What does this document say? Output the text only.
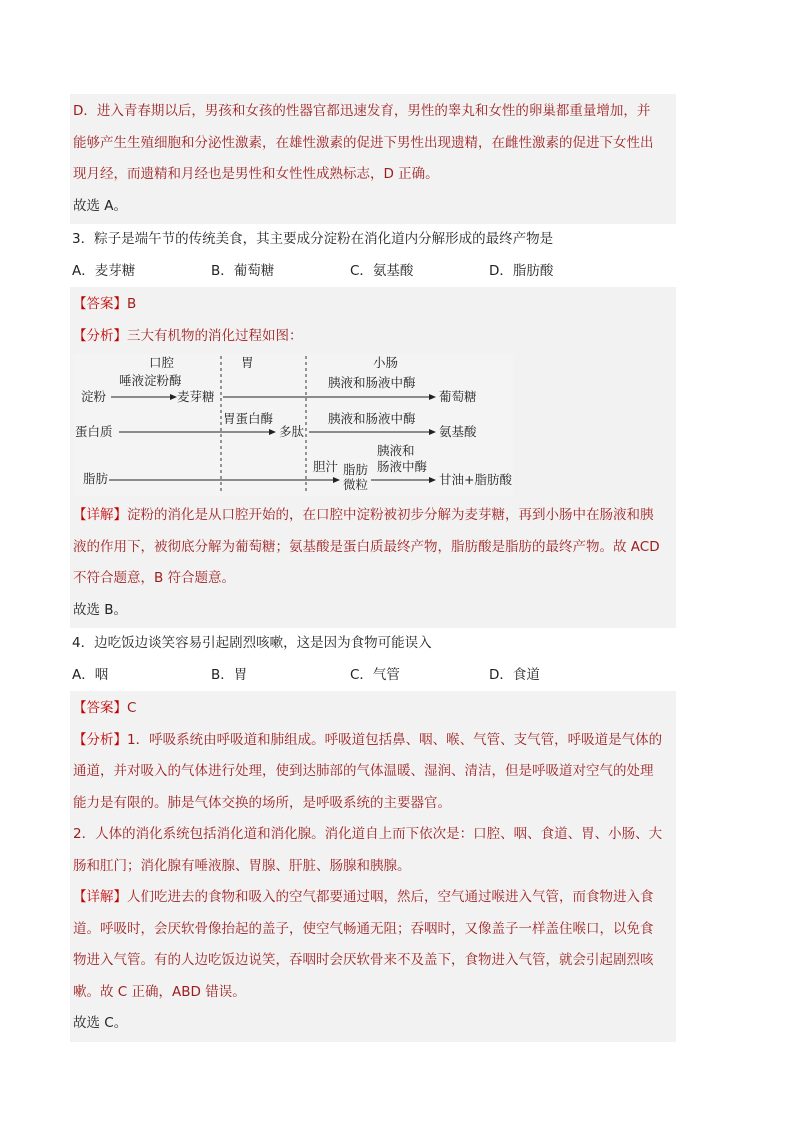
D．进入青春期以后，男孩和女孩的性器官都迅速发育，男性的睾丸和女性的卵巢都重量增加，并
能够产生生殖细胞和分泌性激素，在雄性激素的促进下男性出现遗精，在雌性激素的促进下女性出
现月经，而遗精和月经也是男性和女性性成熟标志，D 正确。
故选 A。
3．粽子是端午节的传统美食，其主要成分淀粉在消化道内分解形成的最终产物是
A．麦芽糖	B．葡萄糖	C．氨基酸	D．脂肪酸
【答案】B
【分析】三大有机物的消化过程如图：
口腔	胃	小肠
唾液淀粉酶	胰液和肠液中酶
淀粉	麦芽糖	葡萄糖
胃蛋白酶	胰液和肠液中酶
蛋白质	多肽	氨基酸
胰液和
胆汁 脂肪 肠液中酶
脂肪	微粒	甘油+脂肪酸
【详解】淀粉的消化是从口腔开始的，在口腔中淀粉被初步分解为麦芽糖，再到小肠中在肠液和胰
液的作用下，被彻底分解为葡萄糖；氨基酸是蛋白质最终产物，脂肪酸是脂肪的最终产物。故 ACD
不符合题意，B 符合题意。
故选 B。
4．边吃饭边谈笑容易引起剧烈咳嗽，这是因为食物可能误入
A．咽	B．胃	C．气管	D．食道
【答案】C
【分析】1．呼吸系统由呼吸道和肺组成。呼吸道包括鼻、咽、喉、气管、支气管，呼吸道是气体的
通道，并对吸入的气体进行处理，使到达肺部的气体温暖、湿润、清洁，但是呼吸道对空气的处理
能力是有限的。肺是气体交换的场所，是呼吸系统的主要器官。
2．人体的消化系统包括消化道和消化腺。消化道自上而下依次是：口腔、咽、食道、胃、小肠、大
肠和肛门；消化腺有唾液腺、胃腺、肝脏、肠腺和胰腺。
【详解】人们吃进去的食物和吸入的空气都要通过咽，然后，空气通过喉进入气管，而食物进入食
道。呼吸时，会厌软骨像抬起的盖子，使空气畅通无阻；吞咽时，又像盖子一样盖住喉口，以免食
物进入气管。有的人边吃饭边说笑，吞咽时会厌软骨来不及盖下，食物进入气管，就会引起剧烈咳
嗽。故 C 正确，ABD 错误。
故选 C。
